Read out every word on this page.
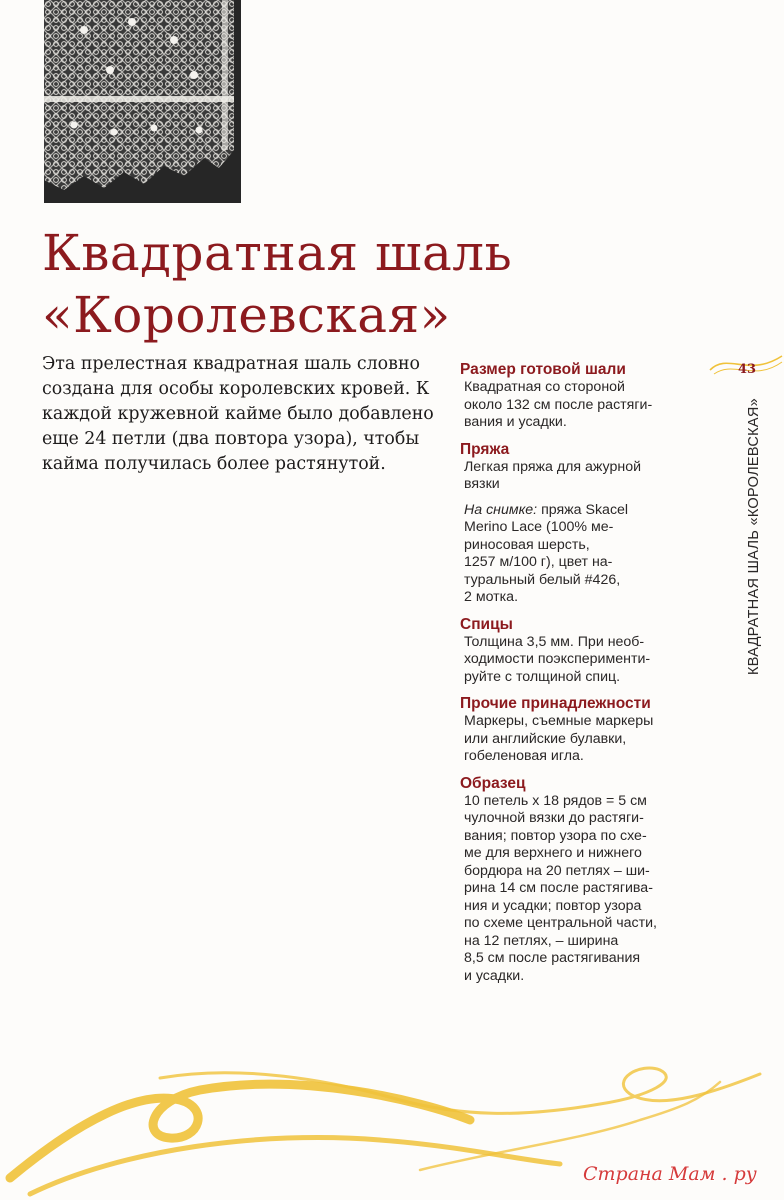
Квадратная шаль
«Королевская»

Эта прелестная квадратная шаль словно создана для особы королевских кровей. К каждой кружевной кайме было добавлено еще 24 петли (два повтора узора), чтобы кайма получилась более растянутой.

Размер готовой шали
Квадратная со стороной
около 132 см после растяги-
вания и усадки.
Пряжа
Легкая пряжа для ажурной
вязки
На снимке: пряжа Skacel
Merino Lace (100% ме-
риносовая шерсть,
1257 м/100 г), цвет на-
туральный белый #426,
2 мотка.
Спицы
Толщина 3,5 мм. При необ-
ходимости поэксперименти-
руйте с толщиной спиц.
Прочие принадлежности
Маркеры, съемные маркеры
или английские булавки,
гобеленовая игла.
Образец
10 петель x 18 рядов = 5 см
чулочной вязки до растяги-
вания; повтор узора по схе-
ме для верхнего и нижнего
бордюра на 20 петлях – ши-
рина 14 см после растягива-
ния и усадки; повтор узора
по схеме центральной части,
на 12 петлях, – ширина
8,5 см после растягивания
и усадки.
43
КВАДРАТНАЯ ШАЛЬ «КОРОЛЕВСКАЯ»
Страна Мам . ру
